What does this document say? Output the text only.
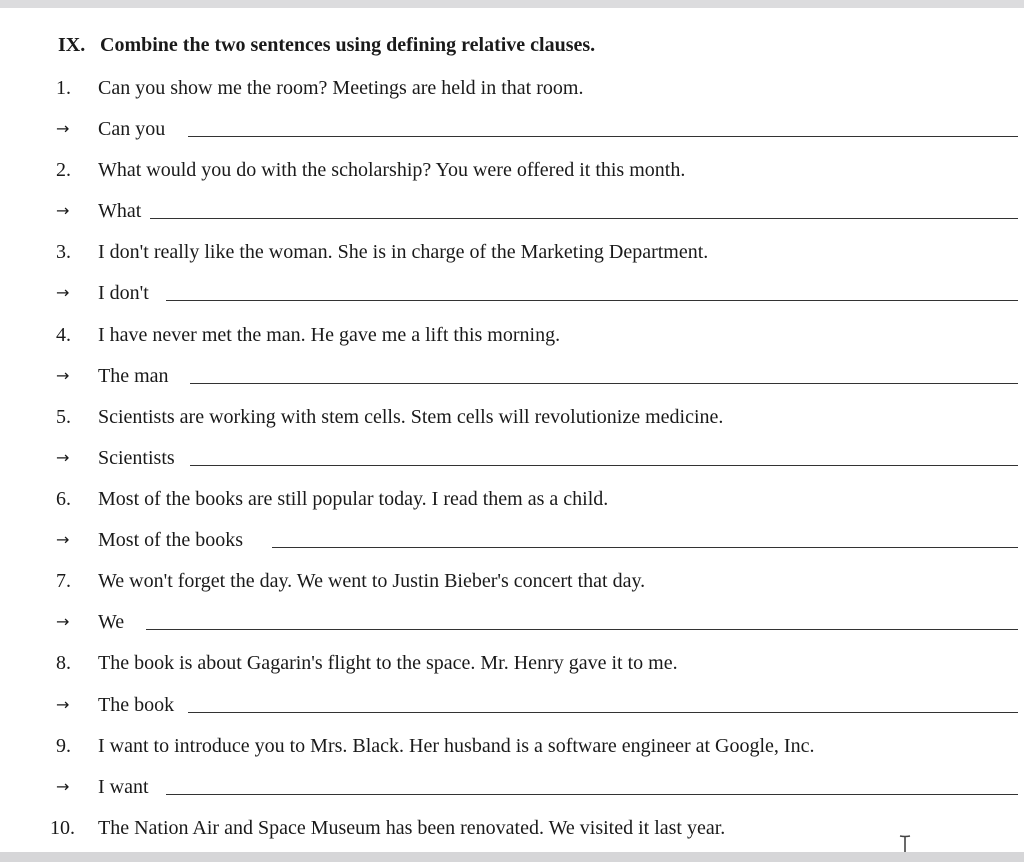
IX. Combine the two sentences using defining relative clauses.
1. Can you show me the room? Meetings are held in that room.
→ Can you
2. What would you do with the scholarship? You were offered it this month.
→ What
3. I don't really like the woman. She is in charge of the Marketing Department.
→ I don't
4. I have never met the man. He gave me a lift this morning.
→ The man
5. Scientists are working with stem cells. Stem cells will revolutionize medicine.
→ Scientists
6. Most of the books are still popular today. I read them as a child.
→ Most of the books
7. We won't forget the day. We went to Justin Bieber's concert that day.
→ We
8. The book is about Gagarin's flight to the space. Mr. Henry gave it to me.
→ The book
9. I want to introduce you to Mrs. Black. Her husband is a software engineer at Google, Inc.
→ I want
10. The Nation Air and Space Museum has been renovated. We visited it last year.
